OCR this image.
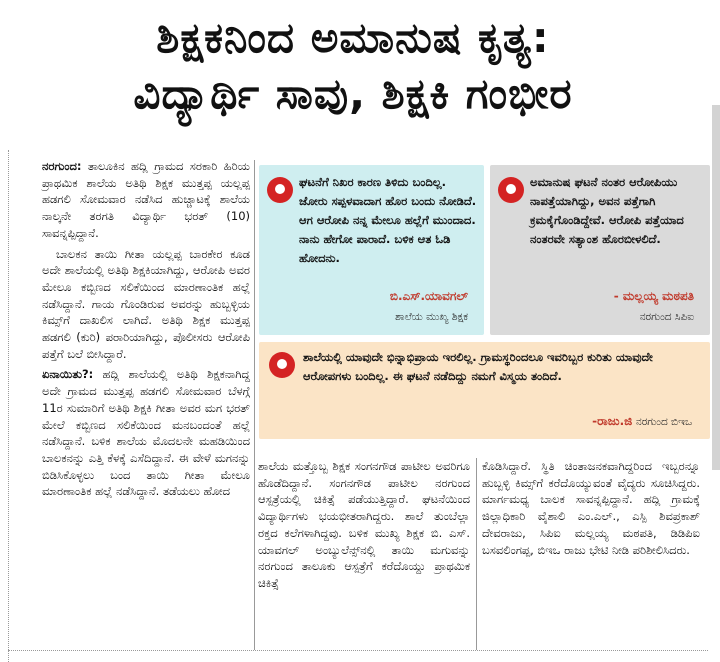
ಶಿಕ್ಷಕನಿಂದ ಅಮಾನುಷ ಕೃತ್ಯ:
ವಿದ್ಯಾರ್ಥಿ ಸಾವು, ಶಿಕ್ಷಕಿ ಗಂಭೀರ

ನರಗುಂದ: ತಾಲೂಕಿನ ಹದ್ಲಿ ಗ್ರಾಮದ ಸರಕಾರಿ ಹಿರಿಯ ಪ್ರಾಥಮಿಕ ಶಾಲೆಯ ಅತಿಥಿ ಶಿಕ್ಷಕ ಮುತ್ತಪ್ಪ ಯಲ್ಲಪ್ಪ ಹಡಗಲಿ ಸೋಮವಾರ ನಡೆಸಿದ ಹುಚ್ಚಾಟಕ್ಕೆ ಶಾಲೆಯ ನಾಲ್ಕನೇ ತರಗತಿ ವಿದ್ಯಾರ್ಥಿ ಭರತ್ (10) ಸಾವನ್ನಪ್ಪಿದ್ದಾನೆ.

ಬಾಲಕನ ತಾಯಿ ಗೀತಾ ಯಲ್ಲಪ್ಪ ಬಾರಕೇರ ಕೂಡ ಅದೇ ಶಾಲೆಯಲ್ಲಿ ಅತಿಥಿ ಶಿಕ್ಷಕಿಯಾಗಿದ್ದು, ಆರೋಪಿ ಅವರ ಮೇಲೂ ಕಬ್ಬಿಣದ ಸಲಿಕೆಯಿಂದ ಮಾರಣಾಂತಿಕ ಹಲ್ಲೆ ನಡೆಸಿದ್ದಾನೆ. ಗಾಯ ಗೊಂಡಿರುವ ಅವರನ್ನು ಹುಬ್ಬಳ್ಳಿಯ ಕಿಮ್ಸ್‌ಗೆ ದಾಖಲಿಸ ಲಾಗಿದೆ. ಅತಿಥಿ ಶಿಕ್ಷಕ ಮುತ್ತಪ್ಪ ಹಡಗಲಿ (ಕುರಿ) ಪರಾರಿಯಾಗಿದ್ದು, ಪೊಲೀಸರು ಆರೋಪಿ ಪತ್ತೆಗೆ ಬಲೆ ಬೀಸಿದ್ದಾರೆ.

ಏನಾಯಿತು?: ಹದ್ಲಿ ಶಾಲೆಯಲ್ಲಿ ಅತಿಥಿ ಶಿಕ್ಷಕನಾಗಿದ್ದ ಅದೇ ಗ್ರಾಮದ ಮುತ್ತಪ್ಪ ಹಡಗಲಿ ಸೋಮವಾರ ಬೆಳಗ್ಗೆ 11ರ ಸುಮಾರಿಗೆ ಅತಿಥಿ ಶಿಕ್ಷಕಿ ಗೀತಾ ಅವರ ಮಗ ಭರತ್ ಮೇಲೆ ಕಬ್ಬಿಣದ ಸಲಿಕೆಯಿಂದ ಮನಬಂದಂತೆ ಹಲ್ಲೆ ನಡೆಸಿದ್ದಾನೆ. ಬಳಿಕ ಶಾಲೆಯ ಮೊದಲನೇ ಮಹಡಿಯಿಂದ ಬಾಲಕನನ್ನು ಎತ್ತಿ ಕೆಳಕ್ಕೆ ಎಸೆದಿದ್ದಾನೆ. ಈ ವೇಳೆ ಮಗನನ್ನು ಬಿಡಿಸಿಕೊಳ್ಳಲು ಬಂದ ತಾಯಿ ಗೀತಾ ಮೇಲೂ ಮಾರಣಾಂತಿಕ ಹಲ್ಲೆ ನಡೆಸಿದ್ದಾನೆ. ತಡೆಯಲು ಹೋದ

ಘಟನೆಗೆ ನಿಖರ ಕಾರಣ ತಿಳಿದು ಬಂದಿಲ್ಲ. ಜೋರು ಸಪ್ಪಳವಾದಾಗ ಹೊರ ಬಂದು ನೋಡಿದೆ. ಆಗ ಆರೋಪಿ ನನ್ನ ಮೇಲೂ ಹಲ್ಲೆಗೆ ಮುಂದಾದ. ನಾನು ಹೇಗೋ ಪಾರಾದೆ. ಬಳಿಕ ಆತ ಓಡಿ ಹೋದನು.
ಬಿ.ಎಸ್.ಯಾವಗಲ್
ಶಾಲೆಯ ಮುಖ್ಯ ಶಿಕ್ಷಕ
ಅಮಾನುಷ ಘಟನೆ ನಂತರ ಆರೋಪಿಯು ನಾಪತ್ತೆಯಾಗಿದ್ದು, ಅವನ ಪತ್ತೆಗಾಗಿ ಕ್ರಮಕೈಗೊಂಡಿದ್ದೇವೆ. ಆರೋಪಿ ಪತ್ತೆಯಾದ ನಂತರವೇ ಸತ್ಯಾಂಶ ಹೊರಬೀಳಲಿದೆ.
- ಮಲ್ಲಯ್ಯ ಮಠಪತಿ
ನರಗುಂದ ಸಿಪಿಐ
ಶಾಲೆಯಲ್ಲಿ ಯಾವುದೇ ಭಿನ್ನಾಭಿಪ್ರಾಯ ಇರಲಿಲ್ಲ. ಗ್ರಾಮಸ್ಥರಿಂದಲೂ ಇವರಿಬ್ಬರ ಕುರಿತು ಯಾವುದೇ ಆರೋಪಗಳು ಬಂದಿಲ್ಲ. ಈ ಘಟನೆ ನಡೆದಿದ್ದು ನಮಗೆ ವಿಸ್ಮಯ ತಂದಿದೆ.
-ರಾಜು.ಜಿ ನರಗುಂದ ಬಿಇಒ

ಶಾಲೆಯ ಮತ್ತೊಬ್ಬ ಶಿಕ್ಷಕ ಸಂಗನಗೌಡ ಪಾಟೀಲ ಅವರಿಗೂ ಹೊಡೆದಿದ್ದಾನೆ. ಸಂಗನಗೌಡ ಪಾಟೀಲ ನರಗುಂದ ಆಸ್ಪತ್ರೆಯಲ್ಲಿ ಚಿಕಿತ್ಸೆ ಪಡೆಯುತ್ತಿದ್ದಾರೆ. ಘಟನೆಯಿಂದ ವಿದ್ಯಾರ್ಥಿಗಳು ಭಯಭೀತರಾಗಿದ್ದರು. ಶಾಲೆ ತುಂಬೆಲ್ಲಾ ರಕ್ತದ ಕಲೆಗಳಾಗಿದ್ದವು. ಬಳಿಕ ಮುಖ್ಯ ಶಿಕ್ಷಕ ಬಿ. ಎಸ್. ಯಾವಗಲ್ ಅಂಬ್ಯುಲೆನ್ಸ್‌ನಲ್ಲಿ ತಾಯಿ ಮಗುವನ್ನು ನರಗುಂದ ತಾಲೂಕು ಆಸ್ಪತ್ರೆಗೆ ಕರೆದೊಯ್ದು ಪ್ರಾಥಮಿಕ ಚಿಕಿತ್ಸೆ

ಕೊಡಿಸಿದ್ದಾರೆ. ಸ್ಥಿತಿ ಚಿಂತಾಜನಕವಾಗಿದ್ದರಿಂದ ಇಬ್ಬರನ್ನೂ ಹುಬ್ಬಳ್ಳಿ ಕಿಮ್ಸ್‌ಗೆ ಕರೆದೊಯ್ಯುವಂತೆ ವೈದ್ಯರು ಸೂಚಿಸಿದ್ದರು. ಮಾರ್ಗಮಧ್ಯ ಬಾಲಕ ಸಾವನ್ನಪ್ಪಿದ್ದಾನೆ. ಹದ್ಲಿ ಗ್ರಾಮಕ್ಕೆ ಜಿಲ್ಲಾಧಿಕಾರಿ ವೈಶಾಲಿ ಎಂ.ಎಲ್., ಎಸ್ಪಿ ಶಿವಪ್ರಕಾಶ್ ದೇವರಾಜು, ಸಿಪಿಐ ಮಲ್ಲಯ್ಯ ಮಠಪತಿ, ಡಿಡಿಪಿಐ ಬಸವಲಿಂಗಪ್ಪ, ಬಿಇಒ ರಾಜು ಭೇಟಿ ನೀಡಿ ಪರಿಶೀಲಿಸಿದರು.
